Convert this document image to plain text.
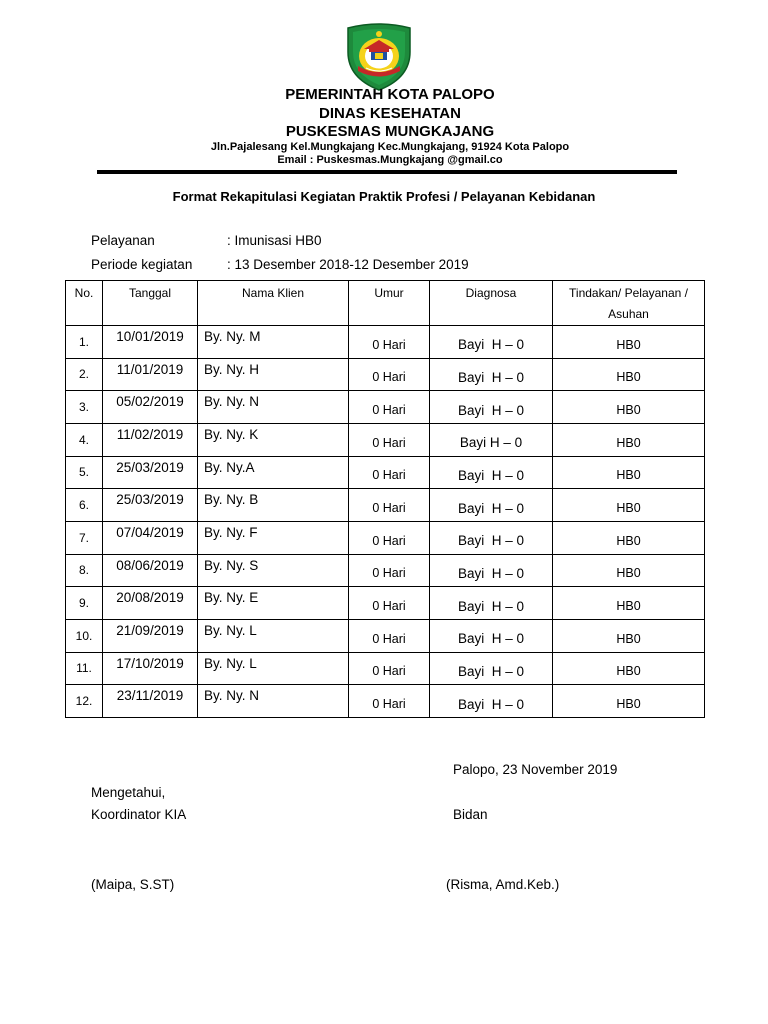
PEMERINTAH KOTA PALOPO
DINAS KESEHATAN
PUSKESMAS MUNGKAJANG
Jln.Pajalesang Kel.Mungkajang Kec.Mungkajang, 91924 Kota Palopo
Email : Puskesmas.Mungkajang @gmail.co
Format Rekapitulasi Kegiatan Praktik Profesi / Pelayanan Kebidanan
Pelayanan	: Imunisasi HB0
Periode kegiatan	: 13 Desember 2018-12 Desember 2019
No.	Tanggal	Nama Klien	Umur	Diagnosa	Tindakan/ Pelayanan / Asuhan
1.	10/01/2019	By. Ny. M	0 Hari	Bayi  H – 0	HB0
2.	11/01/2019	By. Ny. H	0 Hari	Bayi  H – 0	HB0
3.	05/02/2019	By. Ny. N	0 Hari	Bayi  H – 0	HB0
4.	11/02/2019	By. Ny. K	0 Hari	Bayi H – 0	HB0
5.	25/03/2019	By. Ny.A	0 Hari	Bayi  H – 0	HB0
6.	25/03/2019	By. Ny. B	0 Hari	Bayi  H – 0	HB0
7.	07/04/2019	By. Ny. F	0 Hari	Bayi  H – 0	HB0
8.	08/06/2019	By. Ny. S	0 Hari	Bayi  H – 0	HB0
9.	20/08/2019	By. Ny. E	0 Hari	Bayi  H – 0	HB0
10.	21/09/2019	By. Ny. L	0 Hari	Bayi  H – 0	HB0
11.	17/10/2019	By. Ny. L	0 Hari	Bayi  H – 0	HB0
12.	23/11/2019	By. Ny. N	0 Hari	Bayi  H – 0	HB0
Palopo, 23 November 2019
Mengetahui,
Koordinator KIA	Bidan
(Maipa, S.ST)	(Risma, Amd.Keb.)
